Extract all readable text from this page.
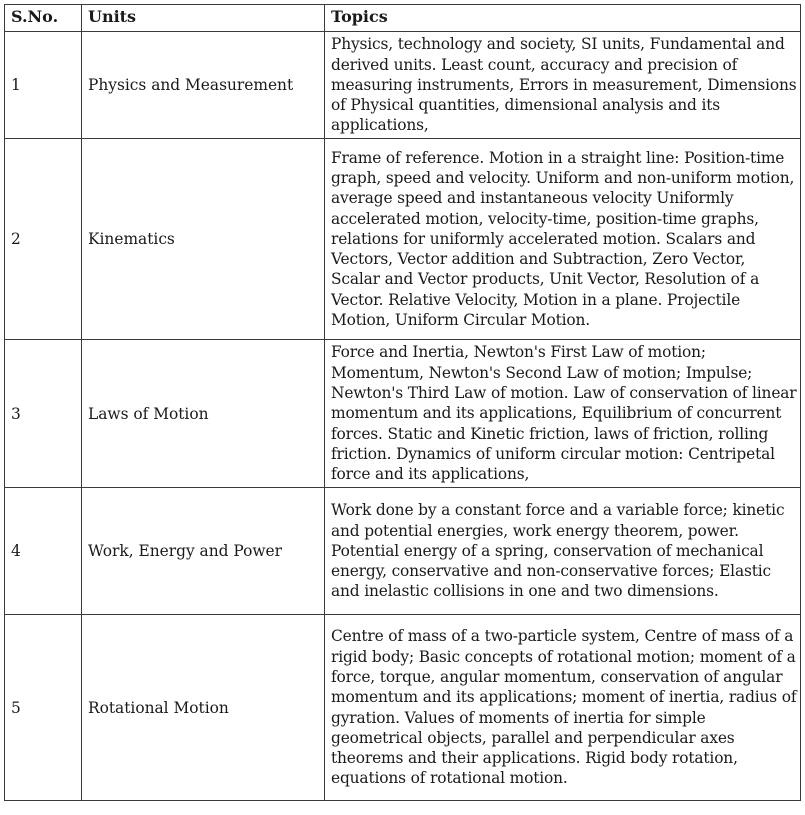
S.No.	Units	Topics
1	Physics and Measurement	Physics, technology and society, SI units, Fundamental and derived units. Least count, accuracy and precision of measuring instruments, Errors in measurement, Dimensions of Physical quantities, dimensional analysis and its applications,
2	Kinematics	Frame of reference. Motion in a straight line: Position-time graph, speed and velocity. Uniform and non-uniform motion, average speed and instantaneous velocity Uniformly accelerated motion, velocity-time, position-time graphs, relations for uniformly accelerated motion. Scalars and Vectors, Vector addition and Subtraction, Zero Vector, Scalar and Vector products, Unit Vector, Resolution of a Vector. Relative Velocity, Motion in a plane. Projectile Motion, Uniform Circular Motion.
3	Laws of Motion	Force and Inertia, Newton's First Law of motion; Momentum, Newton's Second Law of motion; Impulse; Newton's Third Law of motion. Law of conservation of linear momentum and its applications, Equilibrium of concurrent forces. Static and Kinetic friction, laws of friction, rolling friction. Dynamics of uniform circular motion: Centripetal force and its applications,
4	Work, Energy and Power	Work done by a constant force and a variable force; kinetic and potential energies, work energy theorem, power. Potential energy of a spring, conservation of mechanical energy, conservative and non-conservative forces; Elastic and inelastic collisions in one and two dimensions.
5	Rotational Motion	Centre of mass of a two-particle system, Centre of mass of a rigid body; Basic concepts of rotational motion; moment of a force, torque, angular momentum, conservation of angular momentum and its applications; moment of inertia, radius of gyration. Values of moments of inertia for simple geometrical objects, parallel and perpendicular axes theorems and their applications. Rigid body rotation, equations of rotational motion.
